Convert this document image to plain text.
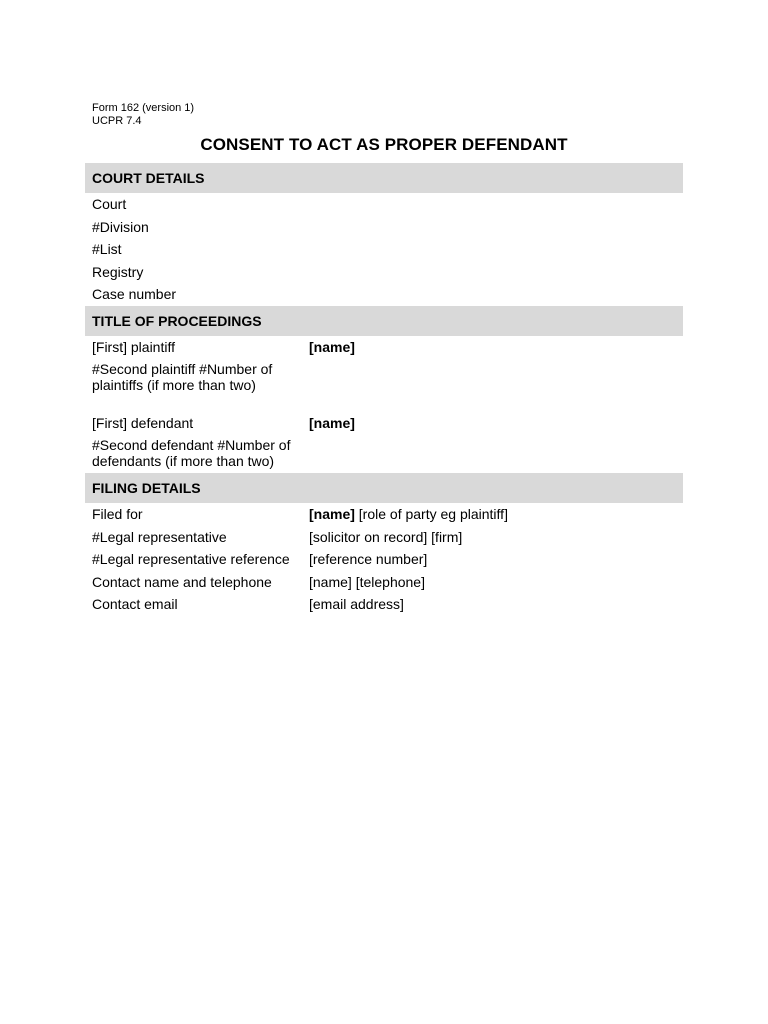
Form 162 (version 1)
UCPR 7.4
CONSENT TO ACT AS PROPER DEFENDANT
COURT DETAILS
Court
#Division
#List
Registry
Case number
TITLE OF PROCEEDINGS
[First] plaintiff	[name]
#Second plaintiff #Number of plaintiffs (if more than two)
[First] defendant	[name]
#Second defendant #Number of defendants (if more than two)
FILING DETAILS
Filed for	[name] [role of party eg plaintiff]
#Legal representative	[solicitor on record] [firm]
#Legal representative reference	[reference number]
Contact name and telephone	[name] [telephone]
Contact email	[email address]
